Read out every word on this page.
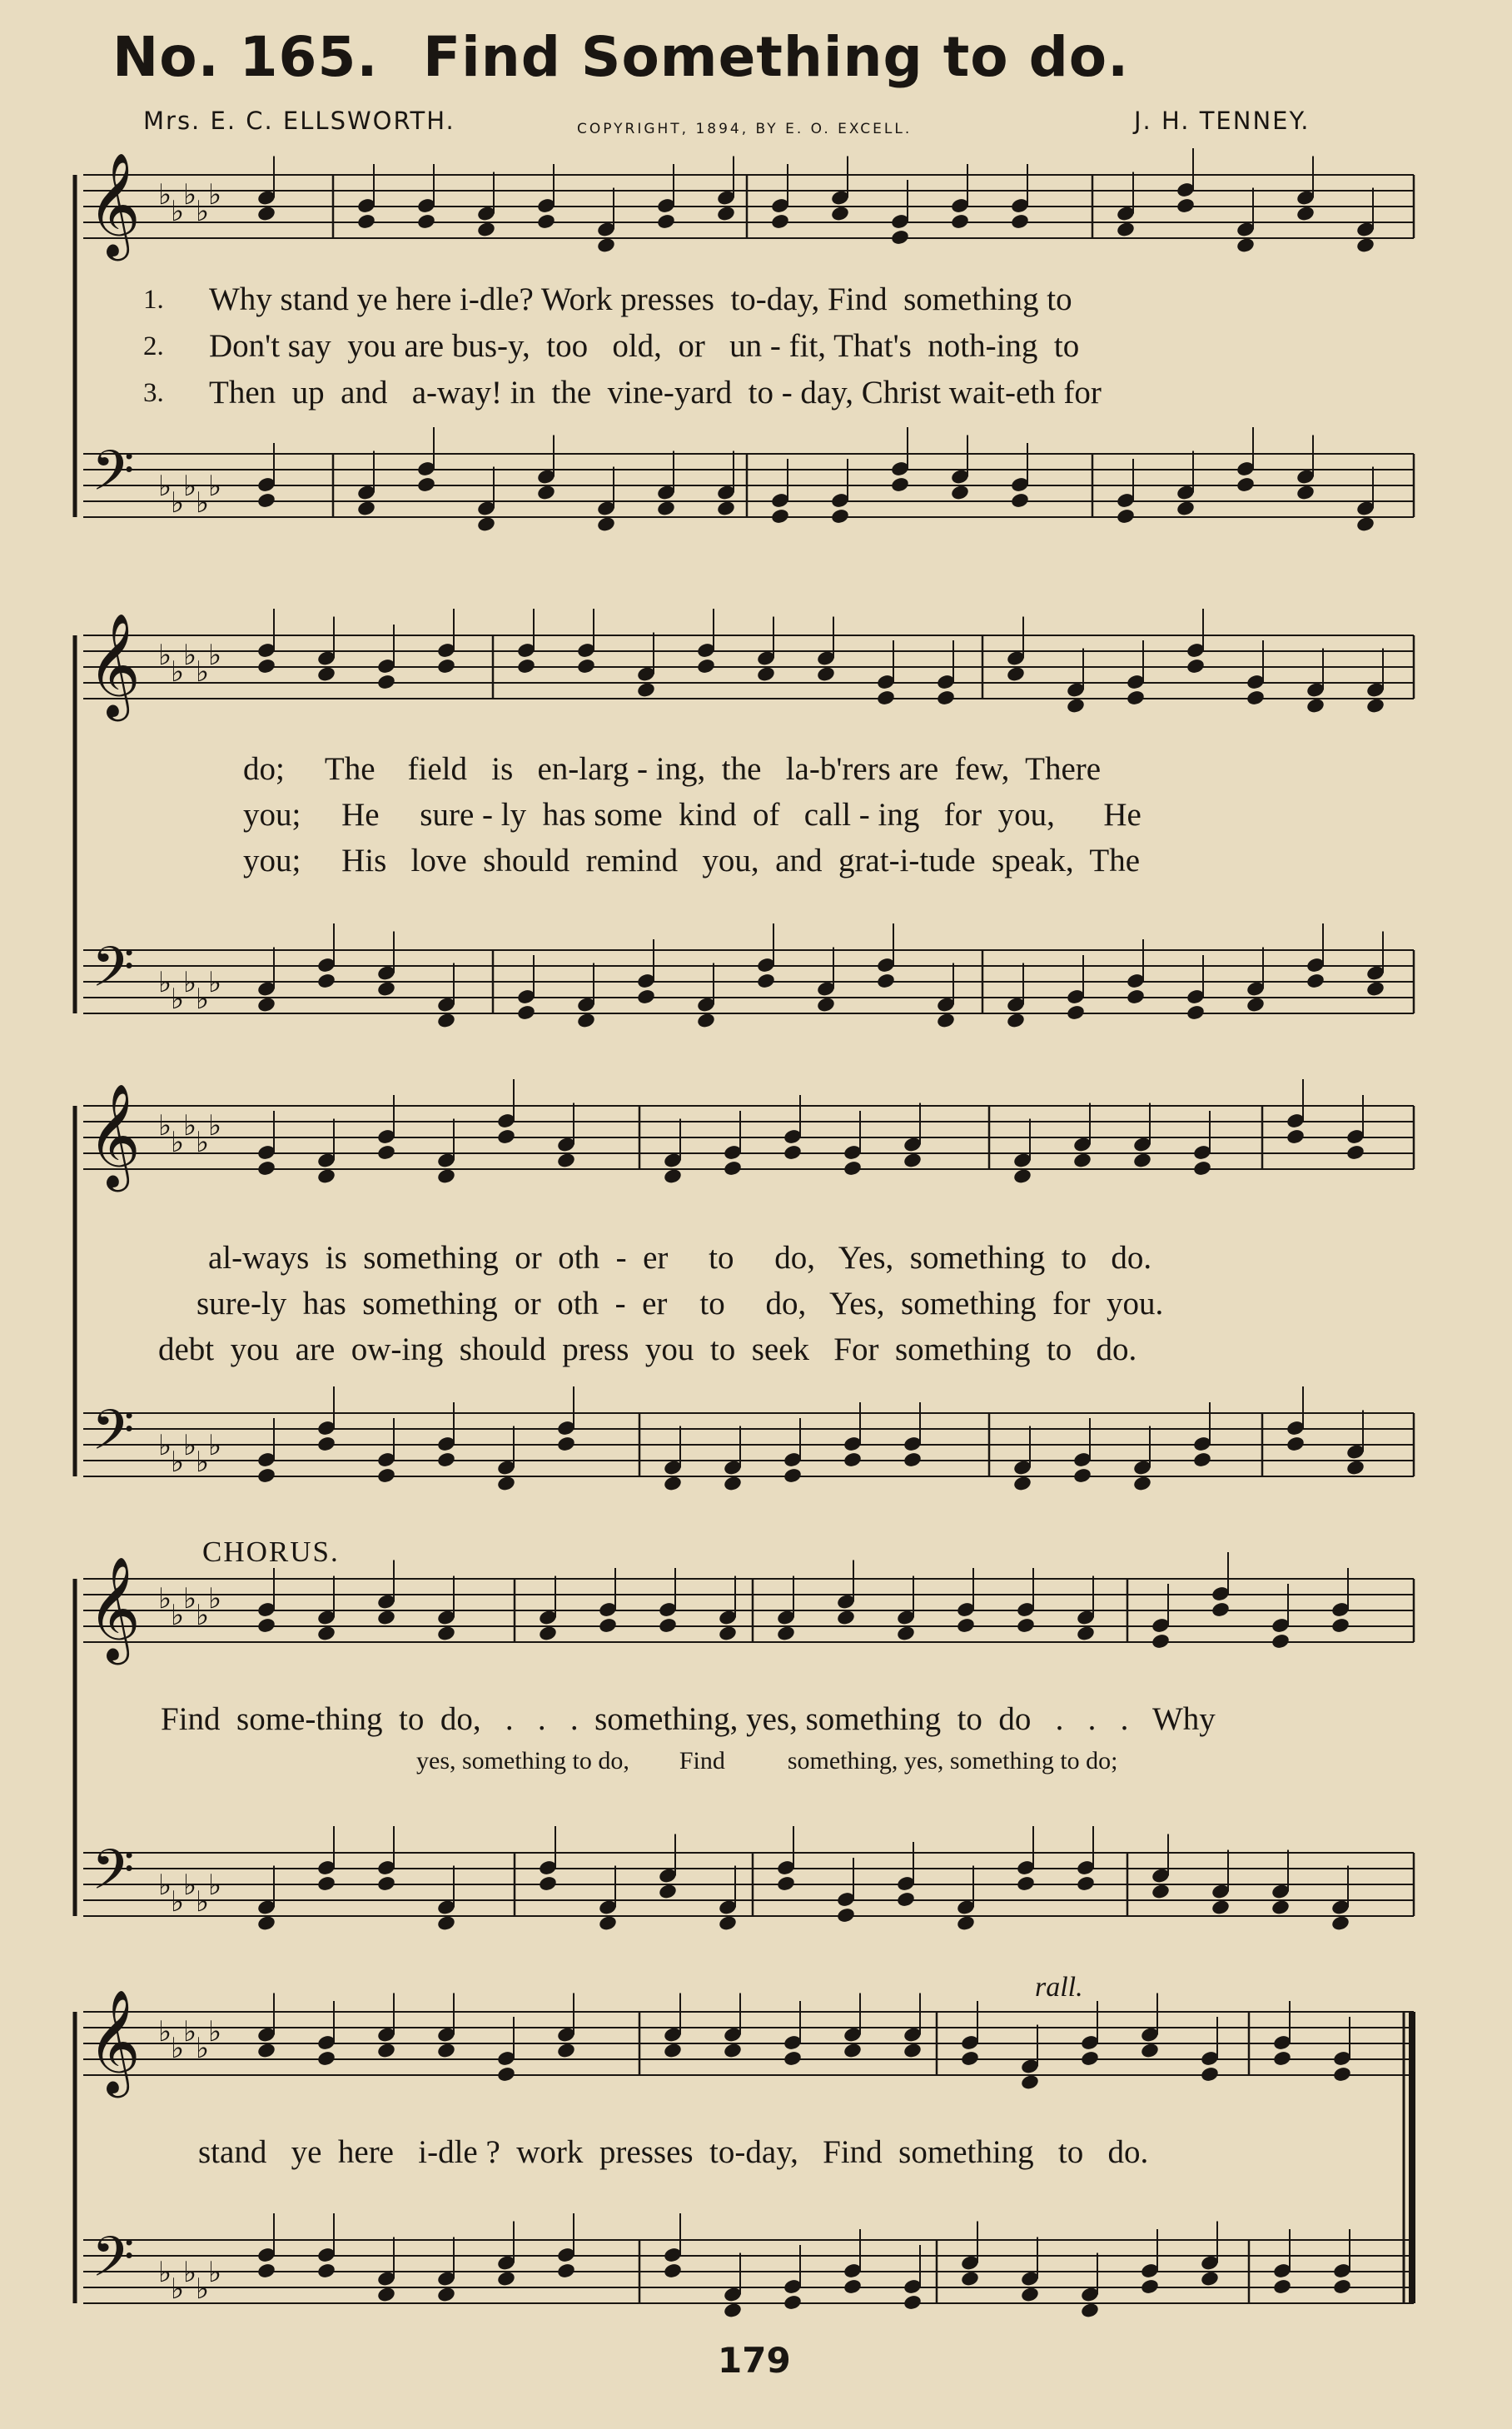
No. 165. Find Something to do.
Mrs. E. C. ELLSWORTH.	COPYRIGHT, 1894, BY E. O. EXCELL.	J. H. TENNEY.
𝄞
𝄢
♭
♭
♭
♭
♭
♭
♭
♭
♭
♭
𝄞
𝄢
♭
♭
♭
♭
♭
♭
♭
♭
♭
♭
𝄞
𝄢
♭
♭
♭
♭
♭
♭
♭
♭
♭
♭
𝄞
𝄢
♭
♭
♭
♭
♭
♭
♭
♭
♭
♭
𝄞
𝄢
♭
♭
♭
♭
♭
♭
♭
♭
♭
♭
1. Why stand ye here i-dle? Work presses  to-day, Find  something to
2. Don't say  you are bus-y,  too   old,  or   un - fit, That's  noth-ing  to
3. Then  up  and   a-way! in  the  vine-yard  to - day, Christ wait-eth for
do;     The    field   is   en-larg - ing,  the   la-b'rers are  few,  There
you;     He     sure - ly  has some  kind  of   call - ing   for  you,      He
you;     His   love  should  remind   you,  and  grat-i-tude  speak,  The
al-ways  is  something  or  oth  -  er     to     do,   Yes,  something  to   do.
sure-ly  has  something  or  oth  -  er    to     do,   Yes,  something  for  you.
debt  you  are  ow-ing  should  press  you  to  seek   For  something  to   do.
CHORUS.
Find  some-thing  to  do,   .   .   .  something, yes, something  to  do   .   .   .   Why
yes, something to do,        Find          something, yes, something to do;
rall.
stand   ye  here   i-dle ?  work  presses  to-day,   Find  something   to   do.
179
